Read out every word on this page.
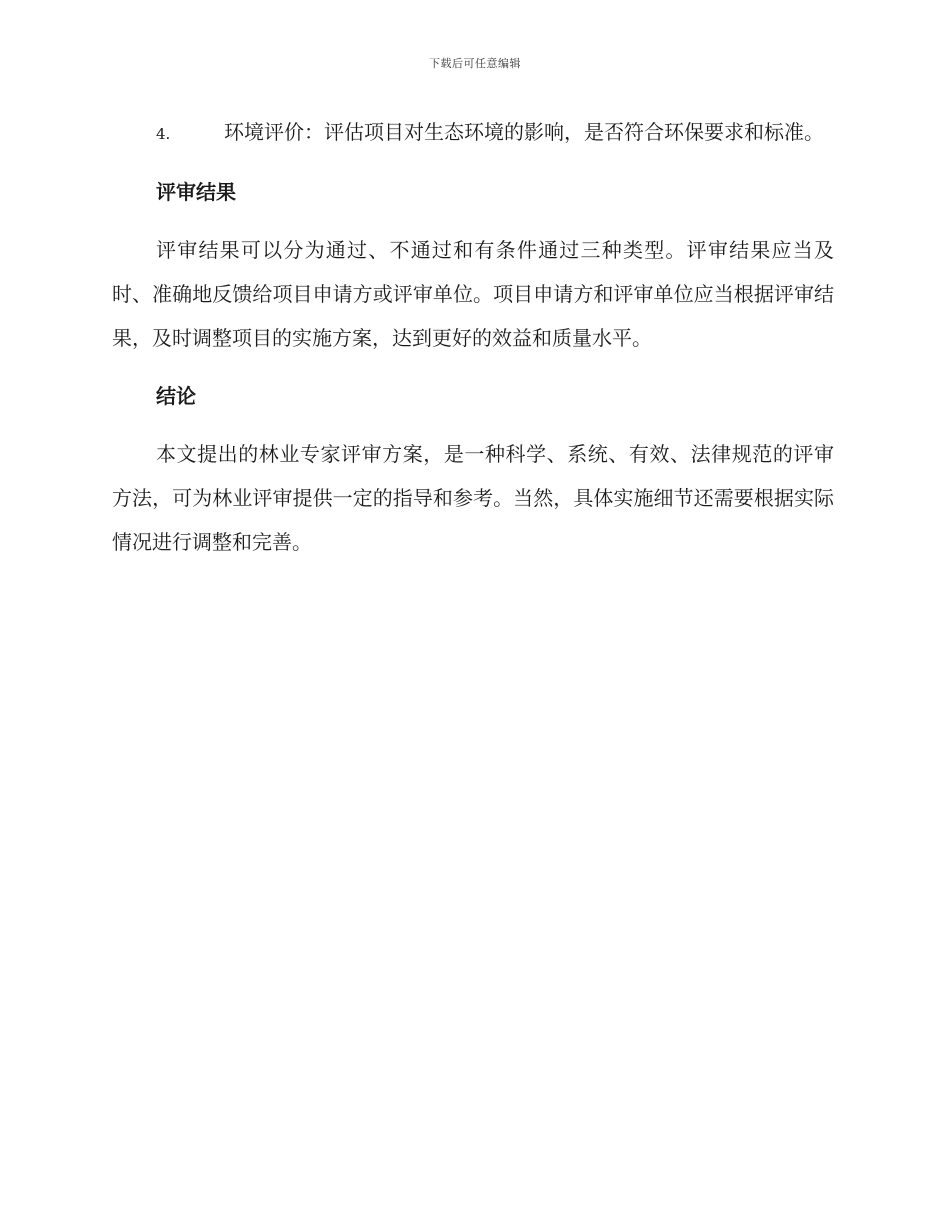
下载后可任意编辑

4.	环境评价：评估项目对生态环境的影响，是否符合环保要求和标准。

评审结果

评审结果可以分为通过、不通过和有条件通过三种类型。评审结果应当及时、准确地反馈给项目申请方或评审单位。项目申请方和评审单位应当根据评审结果，及时调整项目的实施方案，达到更好的效益和质量水平。

结论

本文提出的林业专家评审方案，是一种科学、系统、有效、法律规范的评审方法，可为林业评审提供一定的指导和参考。当然，具体实施细节还需要根据实际情况进行调整和完善。
